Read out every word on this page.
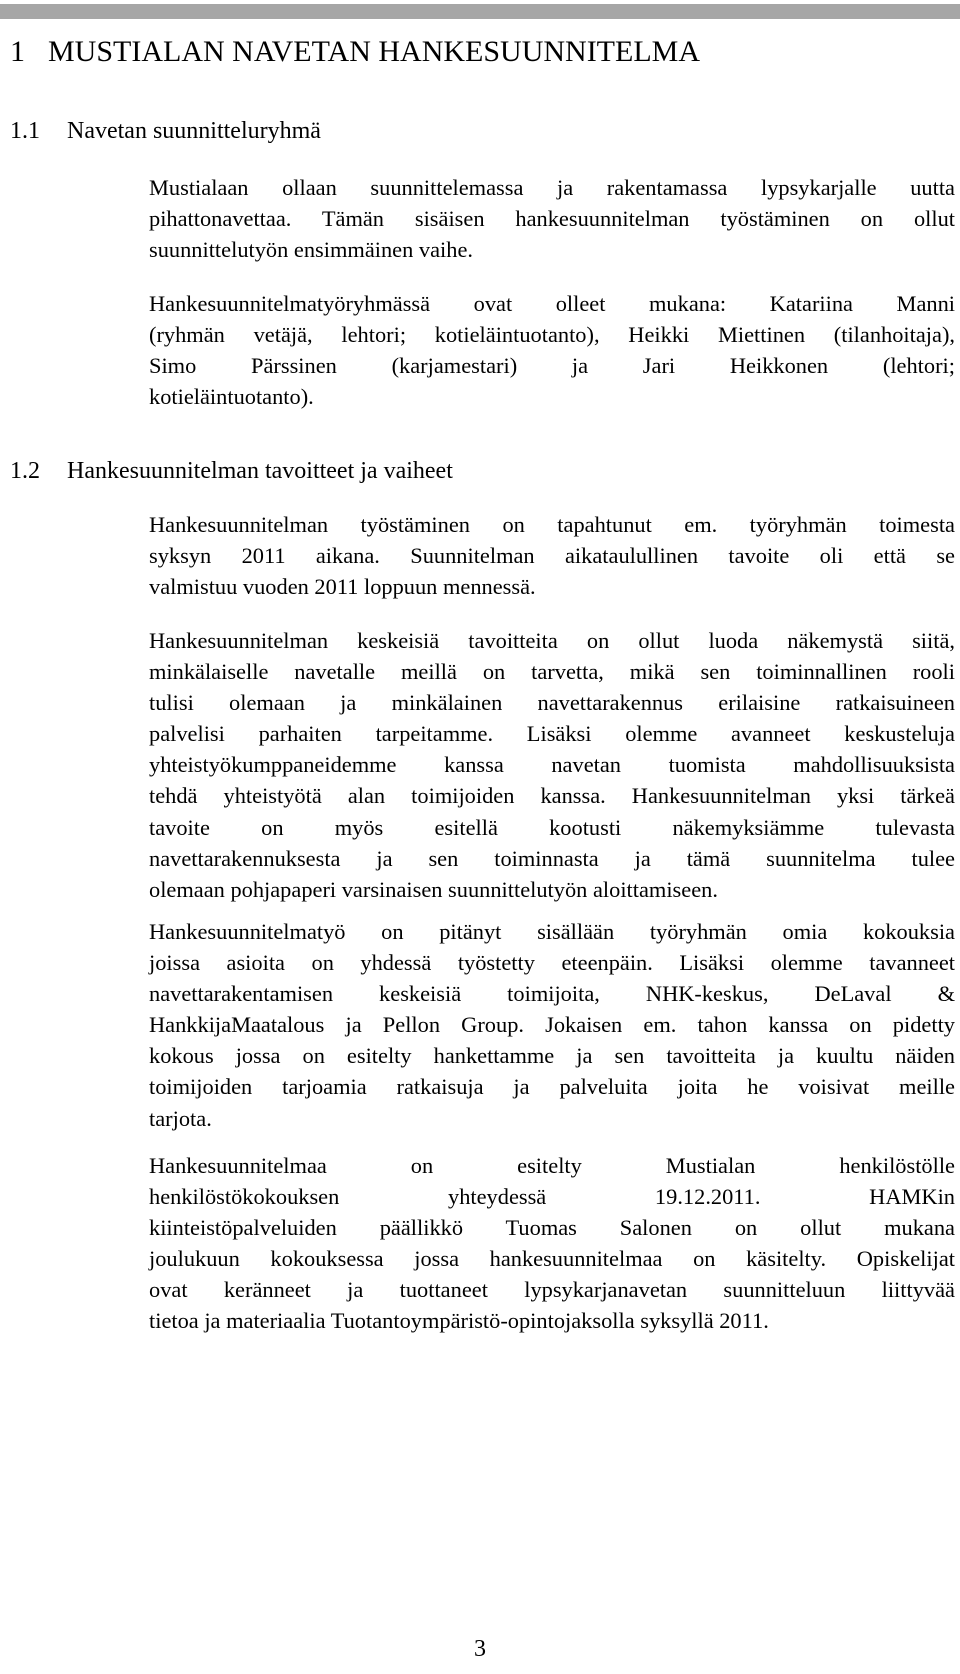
1 MUSTIALAN NAVETAN HANKESUUNNITELMA
1.1 Navetan suunnitteluryhmä

Mustialaan ollaan suunnittelemassa ja rakentamassa lypsykarjalle uutta
pihattonavettaa. Tämän sisäisen hankesuunnitelman työstäminen on ollut
suunnittelutyön ensimmäinen vaihe.

Hankesuunnitelmatyöryhmässä ovat olleet mukana: Katariina Manni
(ryhmän vetäjä, lehtori; kotieläintuotanto), Heikki Miettinen (tilanhoitaja),
Simo Pärssinen (karjamestari) ja Jari Heikkonen (lehtori;
kotieläintuotanto).

1.2 Hankesuunnitelman tavoitteet ja vaiheet

Hankesuunnitelman työstäminen on tapahtunut em. työryhmän toimesta
syksyn 2011 aikana. Suunnitelman aikataulullinen tavoite oli että se
valmistuu vuoden 2011 loppuun mennessä.

Hankesuunnitelman keskeisiä tavoitteita on ollut luoda näkemystä siitä,
minkälaiselle navetalle meillä on tarvetta, mikä sen toiminnallinen rooli
tulisi olemaan ja minkälainen navettarakennus erilaisine ratkaisuineen
palvelisi parhaiten tarpeitamme. Lisäksi olemme avanneet keskusteluja
yhteistyökumppaneidemme kanssa navetan tuomista mahdollisuuksista
tehdä yhteistyötä alan toimijoiden kanssa. Hankesuunnitelman yksi tärkeä
tavoite on myös esitellä kootusti näkemyksiämme tulevasta
navettarakennuksesta ja sen toiminnasta ja tämä suunnitelma tulee
olemaan pohjapaperi varsinaisen suunnittelutyön aloittamiseen.

Hankesuunnitelmatyö on pitänyt sisällään työryhmän omia kokouksia
joissa asioita on yhdessä työstetty eteenpäin. Lisäksi olemme tavanneet
navettarakentamisen keskeisiä toimijoita, NHK-keskus, DeLaval &
HankkijaMaatalous ja Pellon Group. Jokaisen em. tahon kanssa on pidetty
kokous jossa on esitelty hankettamme ja sen tavoitteita ja kuultu näiden
toimijoiden tarjoamia ratkaisuja ja palveluita joita he voisivat meille
tarjota.

Hankesuunnitelmaa on esitelty Mustialan henkilöstölle
henkilöstökokouksen yhteydessä 19.12.2011. HAMKin
kiinteistöpalveluiden päällikkö Tuomas Salonen on ollut mukana
joulukuun kokouksessa jossa hankesuunnitelmaa on käsitelty. Opiskelijat
ovat keränneet ja tuottaneet lypsykarjanavetan suunnitteluun liittyvää
tietoa ja materiaalia Tuotantoympäristö-opintojaksolla syksyllä 2011.

3
